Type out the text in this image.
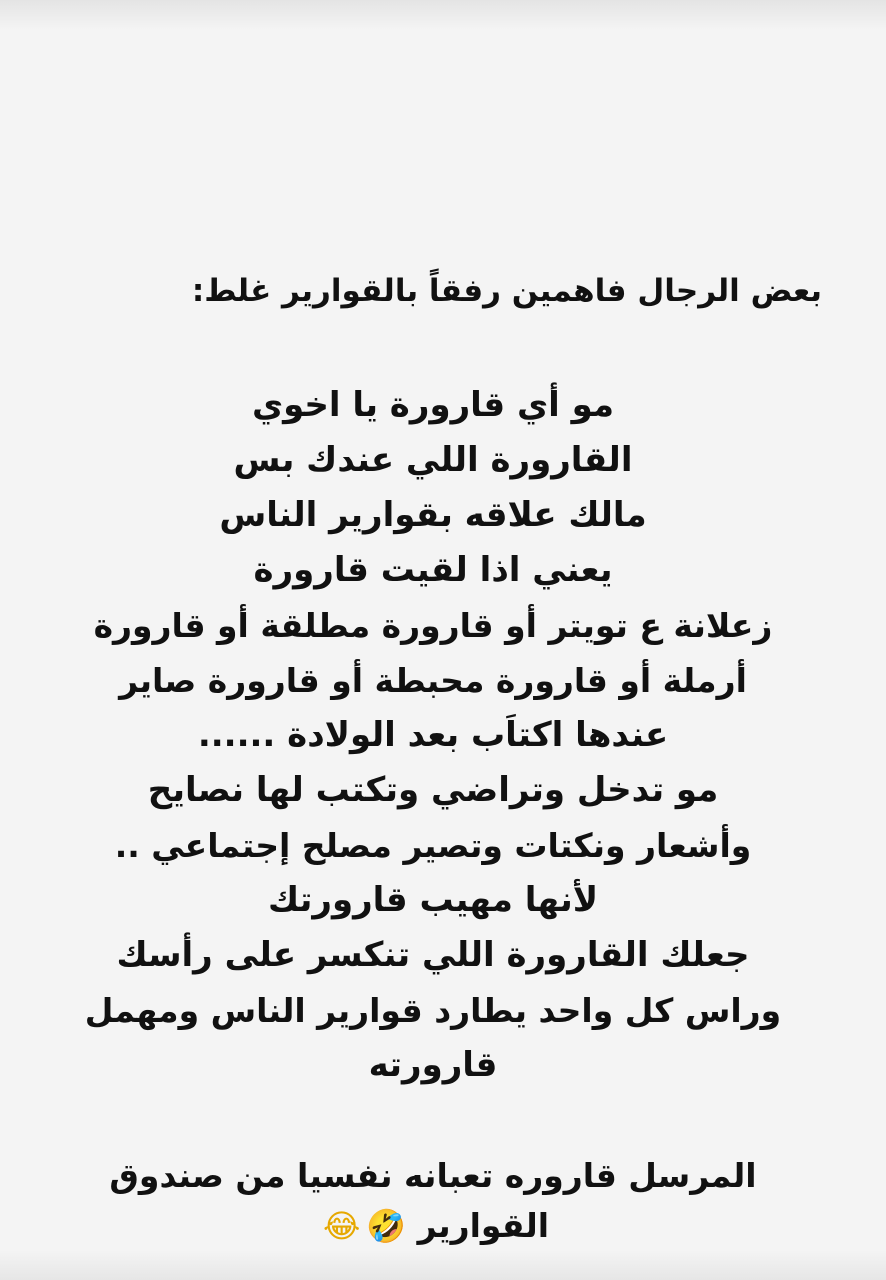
بعض الرجال فاهمين رفقاً بالقوارير غلط:

مو أي قارورة يا اخوي

القارورة اللي عندك بس

مالك علاقه بقوارير الناس

يعني اذا لقيت قارورة

زعلانة ع تويتر أو قارورة مطلقة أو قارورة

أرملة أو قارورة محبطة أو قارورة صاير

عندها اكتاَب بعد الولادة ......

مو تدخل وتراضي وتكتب لها نصايح

وأشعار ونكتات وتصير مصلح إجتماعي ..

لأنها مهيب قارورتك

جعلك القارورة اللي تنكسر على رأسك

وراس كل واحد يطارد قوارير الناس ومهمل

قارورته

المرسل قاروره تعبانه نفسيا من صندوق

القوارير 🤣😂
